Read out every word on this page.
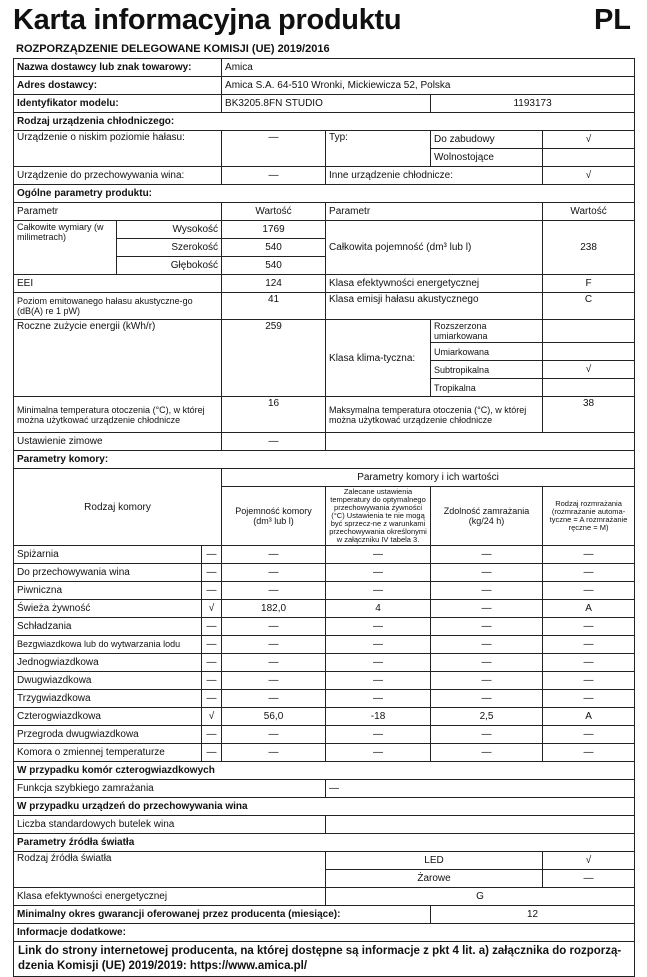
Karta informacyjna produktu	PL
ROZPORZĄDZENIE DELEGOWANE KOMISJI (UE) 2019/2016
Nazwa dostawcy lub znak towarowy:			Amica			
Adres dostawcy:			Amica S.A. 64-510 Wronki, Mickiewicza 52, Polska			
Identyfikator modelu:			BK3205.8FN STUDIO		1193173	
Rodzaj urządzenia chłodniczego:						
Urządzenie o niskim poziomie hałasu:			—	Typ:	Do zabudowy	√
					Wolnostojące	
Urządzenie do przechowywania wina:			—	Inne urządzenie chłodnicze:		√
Ogólne parametry produktu:						
Parametr			Wartość	Parametr		Wartość
Całkowite wymiary (w milimetrach)	Wysokość		1769	Całkowita pojemność (dm³ lub l)		238
	Szerokość		540			
	Głębokość		540			
EEI			124	Klasa efektywności energetycznej		F
Poziom emitowanego hałasu akustyczne-go (dB(A) re 1 pW)			41	Klasa emisji hałasu akustycznego		C
Roczne zużycie energii (kWh/r)			259	Klasa klima-tyczna:	Rozszerzona umiarkowana	
					Umiarkowana	
					Subtropikalna	√
					Tropikalna	
Minimalna temperatura otoczenia (°C), w której można użytkować urządzenie chłodnicze			16	Maksymalna temperatura otoczenia (°C), w której można użytkować urządzenie chłodnicze		38
Ustawienie zimowe			—			
Parametry komory:						
Rodzaj komory			Parametry komory i ich wartości			
			Pojemność komory (dm³ lub l)	Zalecane ustawienia temperatury do optymalnego przechowywania żywności (°C) Ustawienia te nie mogą być sprzecz-ne z warunkami przechowywania określonymi w załączniku IV tabela 3.	Zdolność zamrażania (kg/24 h)	Rodzaj rozmrażania (rozmrażanie automa-tyczne = A rozmrażanie ręczne = M)
Spiżarnia		—	—	—	—	—
Do przechowywania wina		—	—	—	—	—
Piwniczna		—	—	—	—	—
Świeża żywność		√	182,0	4	—	A
Schładzania		—	—	—	—	—
Bezgwiazdkowa lub do wytwarzania lodu		—	—	—	—	—
Jednogwiazdkowa		—	—	—	—	—
Dwugwiazdkowa		—	—	—	—	—
Trzygwiazdkowa		—	—	—	—	—
Czterogwiazdkowa		√	56,0	-18	2,5	A
Przegroda dwugwiazdkowa		—	—	—	—	—
Komora o zmiennej temperaturze		—	—	—	—	—
W przypadku komór czterogwiazdkowych						
Funkcja szybkiego zamrażania				—		
W przypadku urządzeń do przechowywania wina						
Liczba standardowych butelek wina						
Parametry źródła światła						
Rodzaj źródła światła				LED		√
				Żarowe		—
Klasa efektywności energetycznej				G		
Minimalny okres gwarancji oferowanej przez producenta (miesiące):					12	
Informacje dodatkowe:						
Link do strony internetowej producenta, na której dostępne są informacje z pkt 4 lit. a) załącznika do rozporzą-dzenia Komisji (UE) 2019/2019: https://www.amica.pl/						
